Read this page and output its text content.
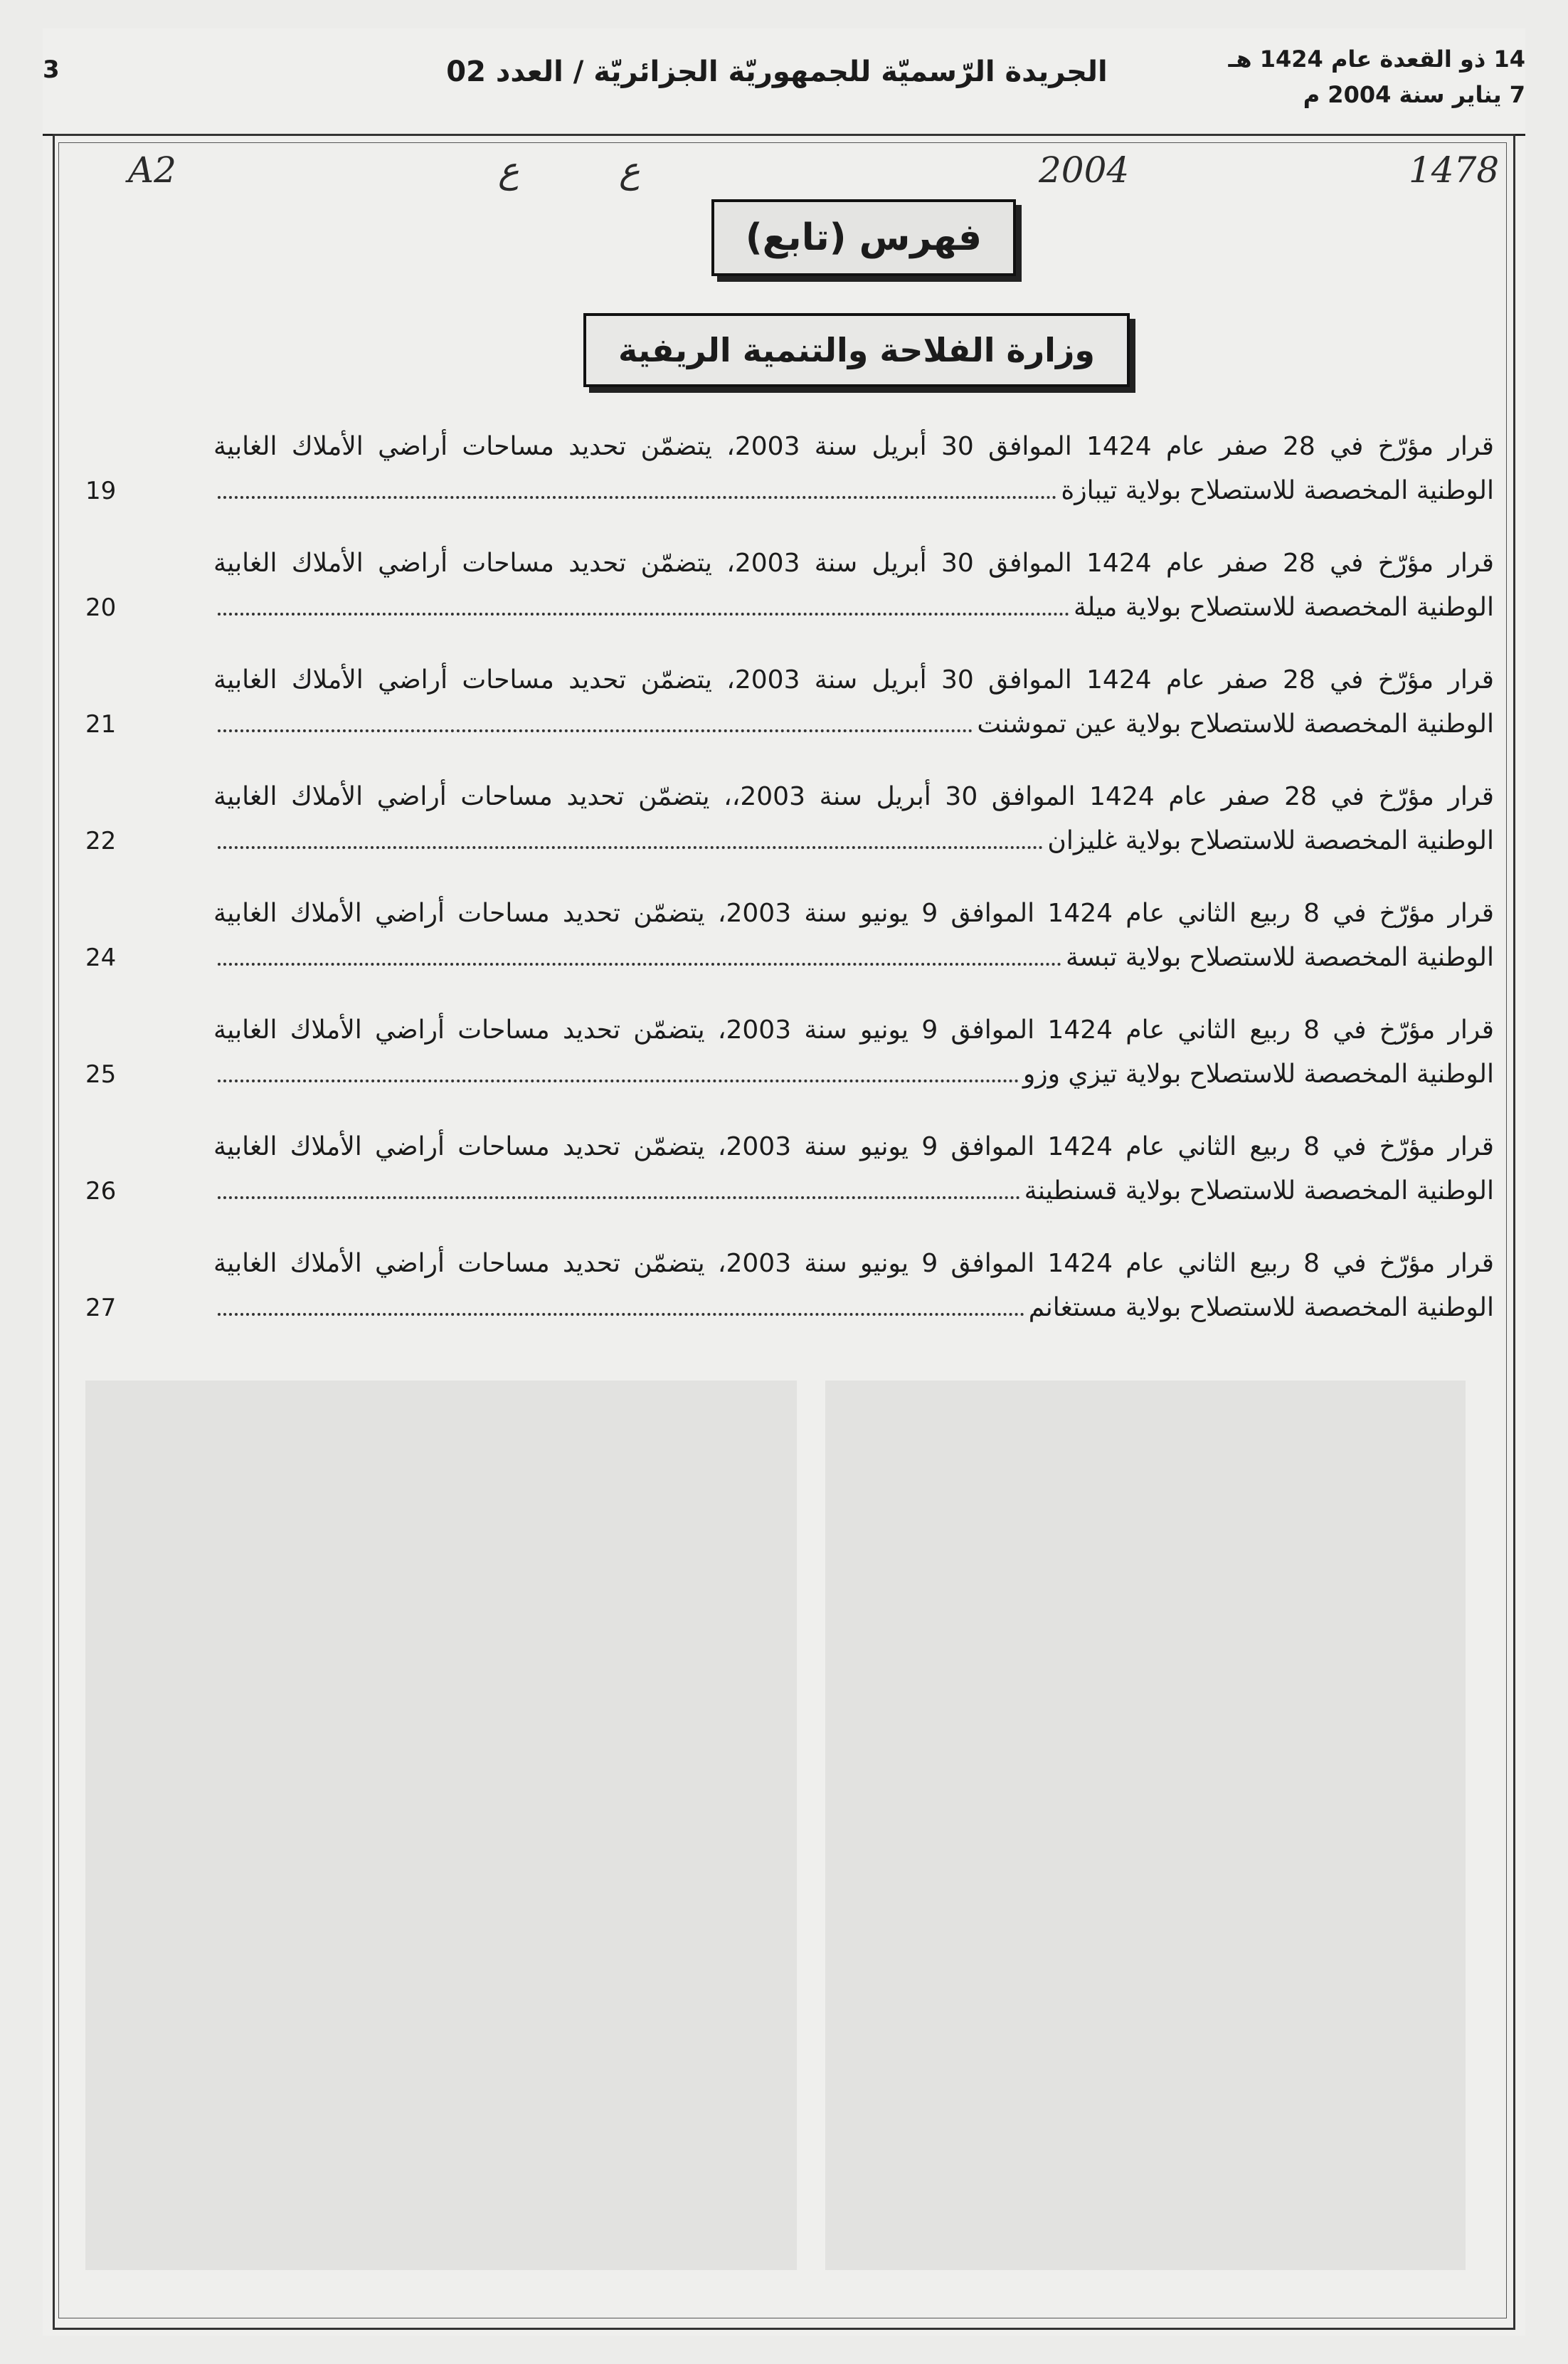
14 ذو القعدة عام 1424 هـ
7 يناير سنة 2004 م
الجريدة الرّسميّة للجمهوريّة الجزائريّة / العدد 02
3
A2	ع	ع	2004	1478
فهرس (تابع)
وزارة الفلاحة والتنمية الريفية
قرار مؤرّخ في 28 صفر عام 1424 الموافق 30 أبريل سنة 2003، يتضمّن تحديد مساحات أراضي الأملاك الغابية
الوطنية المخصصة للاستصلاح بولاية تيبازة
19
قرار مؤرّخ في 28 صفر عام 1424 الموافق 30 أبريل سنة 2003، يتضمّن تحديد مساحات أراضي الأملاك الغابية
الوطنية المخصصة للاستصلاح بولاية ميلة
20
قرار مؤرّخ في 28 صفر عام 1424 الموافق 30 أبريل سنة 2003، يتضمّن تحديد مساحات أراضي الأملاك الغابية
الوطنية المخصصة للاستصلاح بولاية عين تموشنت
21
قرار مؤرّخ في 28 صفر عام 1424 الموافق 30 أبريل سنة 2003،، يتضمّن تحديد مساحات أراضي الأملاك الغابية
الوطنية المخصصة للاستصلاح بولاية غليزان
22
قرار مؤرّخ في 8 ربيع الثاني عام 1424 الموافق 9 يونيو سنة 2003، يتضمّن تحديد مساحات أراضي الأملاك الغابية
الوطنية المخصصة للاستصلاح بولاية تبسة
24
قرار مؤرّخ في 8 ربيع الثاني عام 1424 الموافق 9 يونيو سنة 2003، يتضمّن تحديد مساحات أراضي الأملاك الغابية
الوطنية المخصصة للاستصلاح بولاية تيزي وزو
25
قرار مؤرّخ في 8 ربيع الثاني عام 1424 الموافق 9 يونيو سنة 2003، يتضمّن تحديد مساحات أراضي الأملاك الغابية
الوطنية المخصصة للاستصلاح بولاية قسنطينة
26
قرار مؤرّخ في 8 ربيع الثاني عام 1424 الموافق 9 يونيو سنة 2003، يتضمّن تحديد مساحات أراضي الأملاك الغابية
الوطنية المخصصة للاستصلاح بولاية مستغانم
27
